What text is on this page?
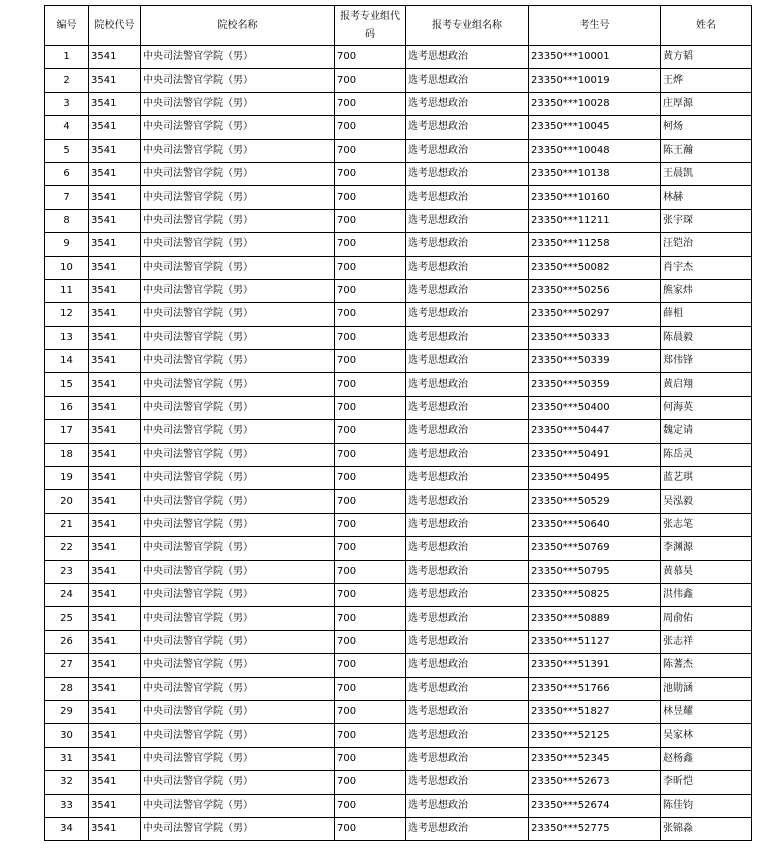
编号	院校代号	院校名称	报考专业组代码	报考专业组名称	考生号	姓名
1	3541	中央司法警官学院（男）	700	选考思想政治	23350***10001	黄方韬
2	3541	中央司法警官学院（男）	700	选考思想政治	23350***10019	王烨
3	3541	中央司法警官学院（男）	700	选考思想政治	23350***10028	庄厚源
4	3541	中央司法警官学院（男）	700	选考思想政治	23350***10045	柯炀
5	3541	中央司法警官学院（男）	700	选考思想政治	23350***10048	陈王瀚
6	3541	中央司法警官学院（男）	700	选考思想政治	23350***10138	王晨凯
7	3541	中央司法警官学院（男）	700	选考思想政治	23350***10160	林赫
8	3541	中央司法警官学院（男）	700	选考思想政治	23350***11211	张宇琛
9	3541	中央司法警官学院（男）	700	选考思想政治	23350***11258	汪铠治
10	3541	中央司法警官学院（男）	700	选考思想政治	23350***50082	肖宇杰
11	3541	中央司法警官学院（男）	700	选考思想政治	23350***50256	熊家炜
12	3541	中央司法警官学院（男）	700	选考思想政治	23350***50297	薛柤
13	3541	中央司法警官学院（男）	700	选考思想政治	23350***50333	陈晨毅
14	3541	中央司法警官学院（男）	700	选考思想政治	23350***50339	郑伟锋
15	3541	中央司法警官学院（男）	700	选考思想政治	23350***50359	黄启翔
16	3541	中央司法警官学院（男）	700	选考思想政治	23350***50400	何海英
17	3541	中央司法警官学院（男）	700	选考思想政治	23350***50447	魏定请
18	3541	中央司法警官学院（男）	700	选考思想政治	23350***50491	陈岳灵
19	3541	中央司法警官学院（男）	700	选考思想政治	23350***50495	蓝艺琪
20	3541	中央司法警官学院（男）	700	选考思想政治	23350***50529	吴泓毅
21	3541	中央司法警官学院（男）	700	选考思想政治	23350***50640	张志笔
22	3541	中央司法警官学院（男）	700	选考思想政治	23350***50769	李渊源
23	3541	中央司法警官学院（男）	700	选考思想政治	23350***50795	黄慕昊
24	3541	中央司法警官学院（男）	700	选考思想政治	23350***50825	洪伟鑫
25	3541	中央司法警官学院（男）	700	选考思想政治	23350***50889	周俞佑
26	3541	中央司法警官学院（男）	700	选考思想政治	23350***51127	张志祥
27	3541	中央司法警官学院（男）	700	选考思想政治	23350***51391	陈蓍杰
28	3541	中央司法警官学院（男）	700	选考思想政治	23350***51766	池勋涵
29	3541	中央司法警官学院（男）	700	选考思想政治	23350***51827	林昱耀
30	3541	中央司法警官学院（男）	700	选考思想政治	23350***52125	吴家林
31	3541	中央司法警官学院（男）	700	选考思想政治	23350***52345	赵杨鑫
32	3541	中央司法警官学院（男）	700	选考思想政治	23350***52673	李昕恺
33	3541	中央司法警官学院（男）	700	选考思想政治	23350***52674	陈佳钧
34	3541	中央司法警官学院（男）	700	选考思想政治	23350***52775	张锦淼
